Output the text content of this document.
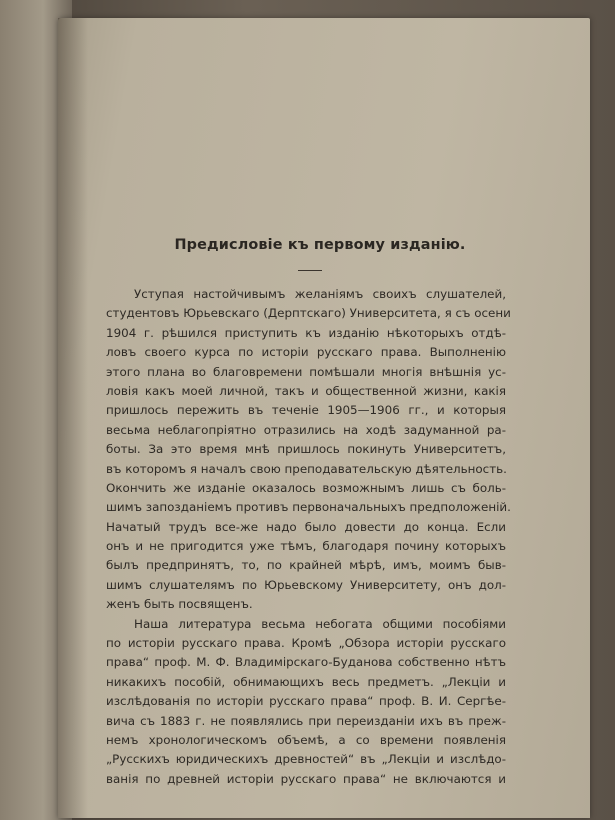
Предисловіе къ первому изданію.
Уступая настойчивымъ желаніямъ своихъ слушателей,
студентовъ Юрьевскаго (Дерптскаго) Университета, я съ осени
1904 г. рѣшился приступить къ изданію нѣкоторыхъ отдѣ-
ловъ своего курса по исторіи русскаго права. Выполненію
этого плана во благовремени помѣшали многія внѣшнія ус-
ловія какъ моей личной, такъ и общественной жизни, какія
пришлось пережить въ теченіе 1905—1906 гг., и которыя
весьма неблагопріятно отразились на ходѣ задуманной ра-
боты. За это время мнѣ пришлось покинуть Университетъ,
въ которомъ я началъ свою преподавательскую дѣятельность.
Окончить же изданіе оказалось возможнымъ лишь съ боль-
шимъ запозданіемъ противъ первоначальныхъ предположеній.
Начатый трудъ все-же надо было довести до конца. Если
онъ и не пригодится уже тѣмъ, благодаря почину которыхъ
былъ предпринятъ, то, по крайней мѣрѣ, имъ, моимъ быв-
шимъ слушателямъ по Юрьевскому Университету, онъ дол-
женъ быть посвященъ.
Наша литература весьма небогата общими пособіями
по исторіи русскаго права. Кромѣ „Обзора исторіи русскаго
права“ проф. М. Ф. Владимірскаго-Буданова собственно нѣтъ
никакихъ пособій, обнимающихъ весь предметъ. „Лекціи и
изслѣдованія по исторіи русскаго права“ проф. В. И. Сергѣе-
вича съ 1883 г. не появлялись при переизданіи ихъ въ преж-
немъ хронологическомъ объемѣ, а со времени появленія
„Русскихъ юридическихъ древностей“ въ „Лекціи и изслѣдо-
ванія по древней исторіи русскаго права“ не включаются и
